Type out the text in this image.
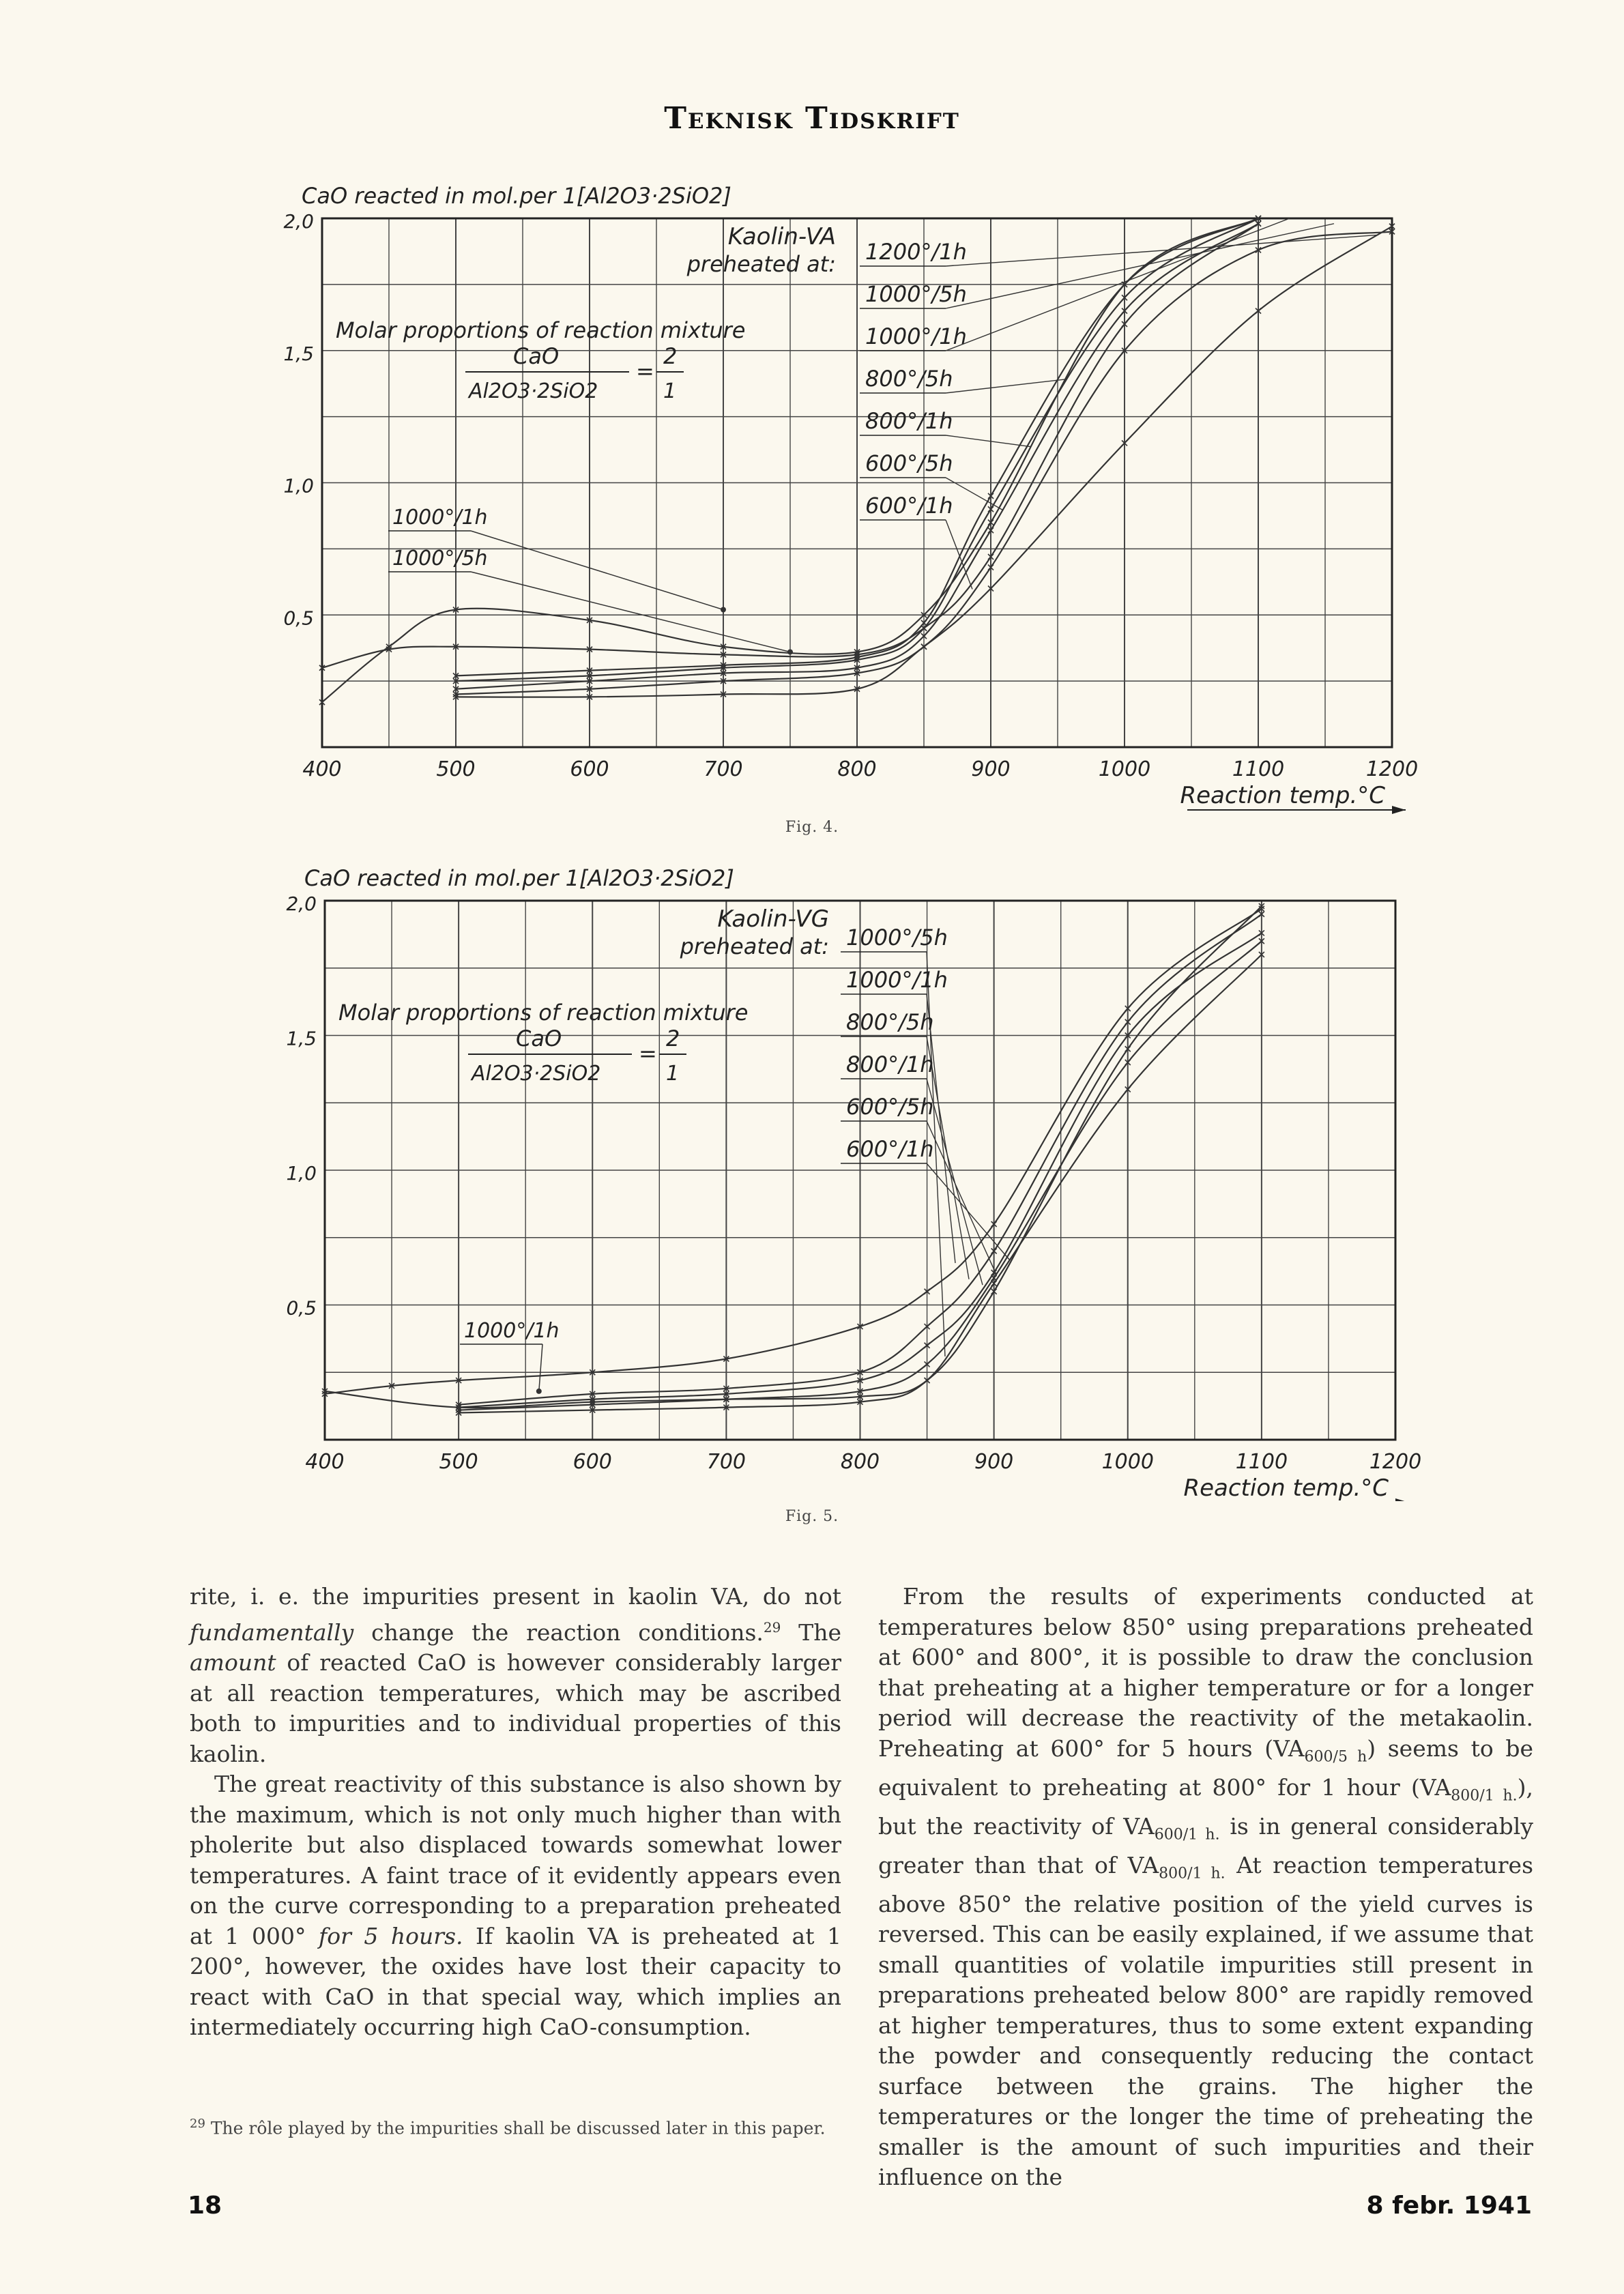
Teknisk Tidskrift
400	500	600	700	800	900	1000	1100	1200
2,0
1,5
1,0
0,5
CaO reacted in mol.per 1[Al2O3·2SiO2]
Reaction temp.°C
Molar proportions of reaction mixture
CaO
Al2O3·2SiO2
=
2
1
Kaolin-VA
preheated at: 1200°/1h
1000°/5h
1000°/1h
800°/5h
800°/1h
600°/5h
600°/1h
1000°/1h
1000°/5h
Fig. 4.
400	500	600	700	800	900	1000	1100	1200
2,0
1,5
1,0
0,5
CaO reacted in mol.per 1[Al2O3·2SiO2]
Reaction temp.°C
Molar proportions of reaction mixture
CaO
Al2O3·2SiO2
=
2
1
Kaolin-VG
preheated at: 1000°/5h
1000°/1h
800°/5h
800°/1h
600°/5h
600°/1h
1000°/1h
Fig. 5.

rite, i. e. the impurities present in kaolin VA, do not fundamentally change the reaction conditions.$^{29}$ The amount of reacted CaO is however considerably larger at all reaction temperatures, which may be ascribed both to impurities and to individual properties of this kaolin.

The great reactivity of this substance is also shown by the maximum, which is not only much higher than with pholerite but also displaced towards somewhat lower temperatures. A faint trace of it evidently appears even on the curve corresponding to a preparation preheated at 1 000° for 5 hours. If kaolin VA is preheated at 1 200°, however, the oxides have lost their capacity to react with CaO in that special way, which implies an intermediately occurring high CaO-consumption.

From the results of experiments conducted at temperatures below 850° using preparations preheated at 600° and 800°, it is possible to draw the conclusion that preheating at a higher temperature or for a longer period will decrease the reactivity of the metakaolin. Preheating at 600° for 5 hours $(VA_{600/5 h})$ seems to be equivalent to preheating at 800° for 1 hour $(VA_{800/1 h.})$, but the reactivity of $VA_{600/1 h.}$ is in general considerably greater than that of $VA_{800/1 h.}$ At reaction temperatures above 850° the relative position of the yield curves is reversed. This can be easily explained, if we assume that small quantities of volatile impurities still present in preparations preheated below 800° are rapidly removed at higher temperatures, thus to some extent expanding the powder and consequently reducing the contact surface between the grains. The higher the temperatures or the longer the time of preheating the smaller is the amount of such impurities and their influence on the

$^{29}$ The rôle played by the impurities shall be discussed later in this paper.
18	8 febr. 1941
